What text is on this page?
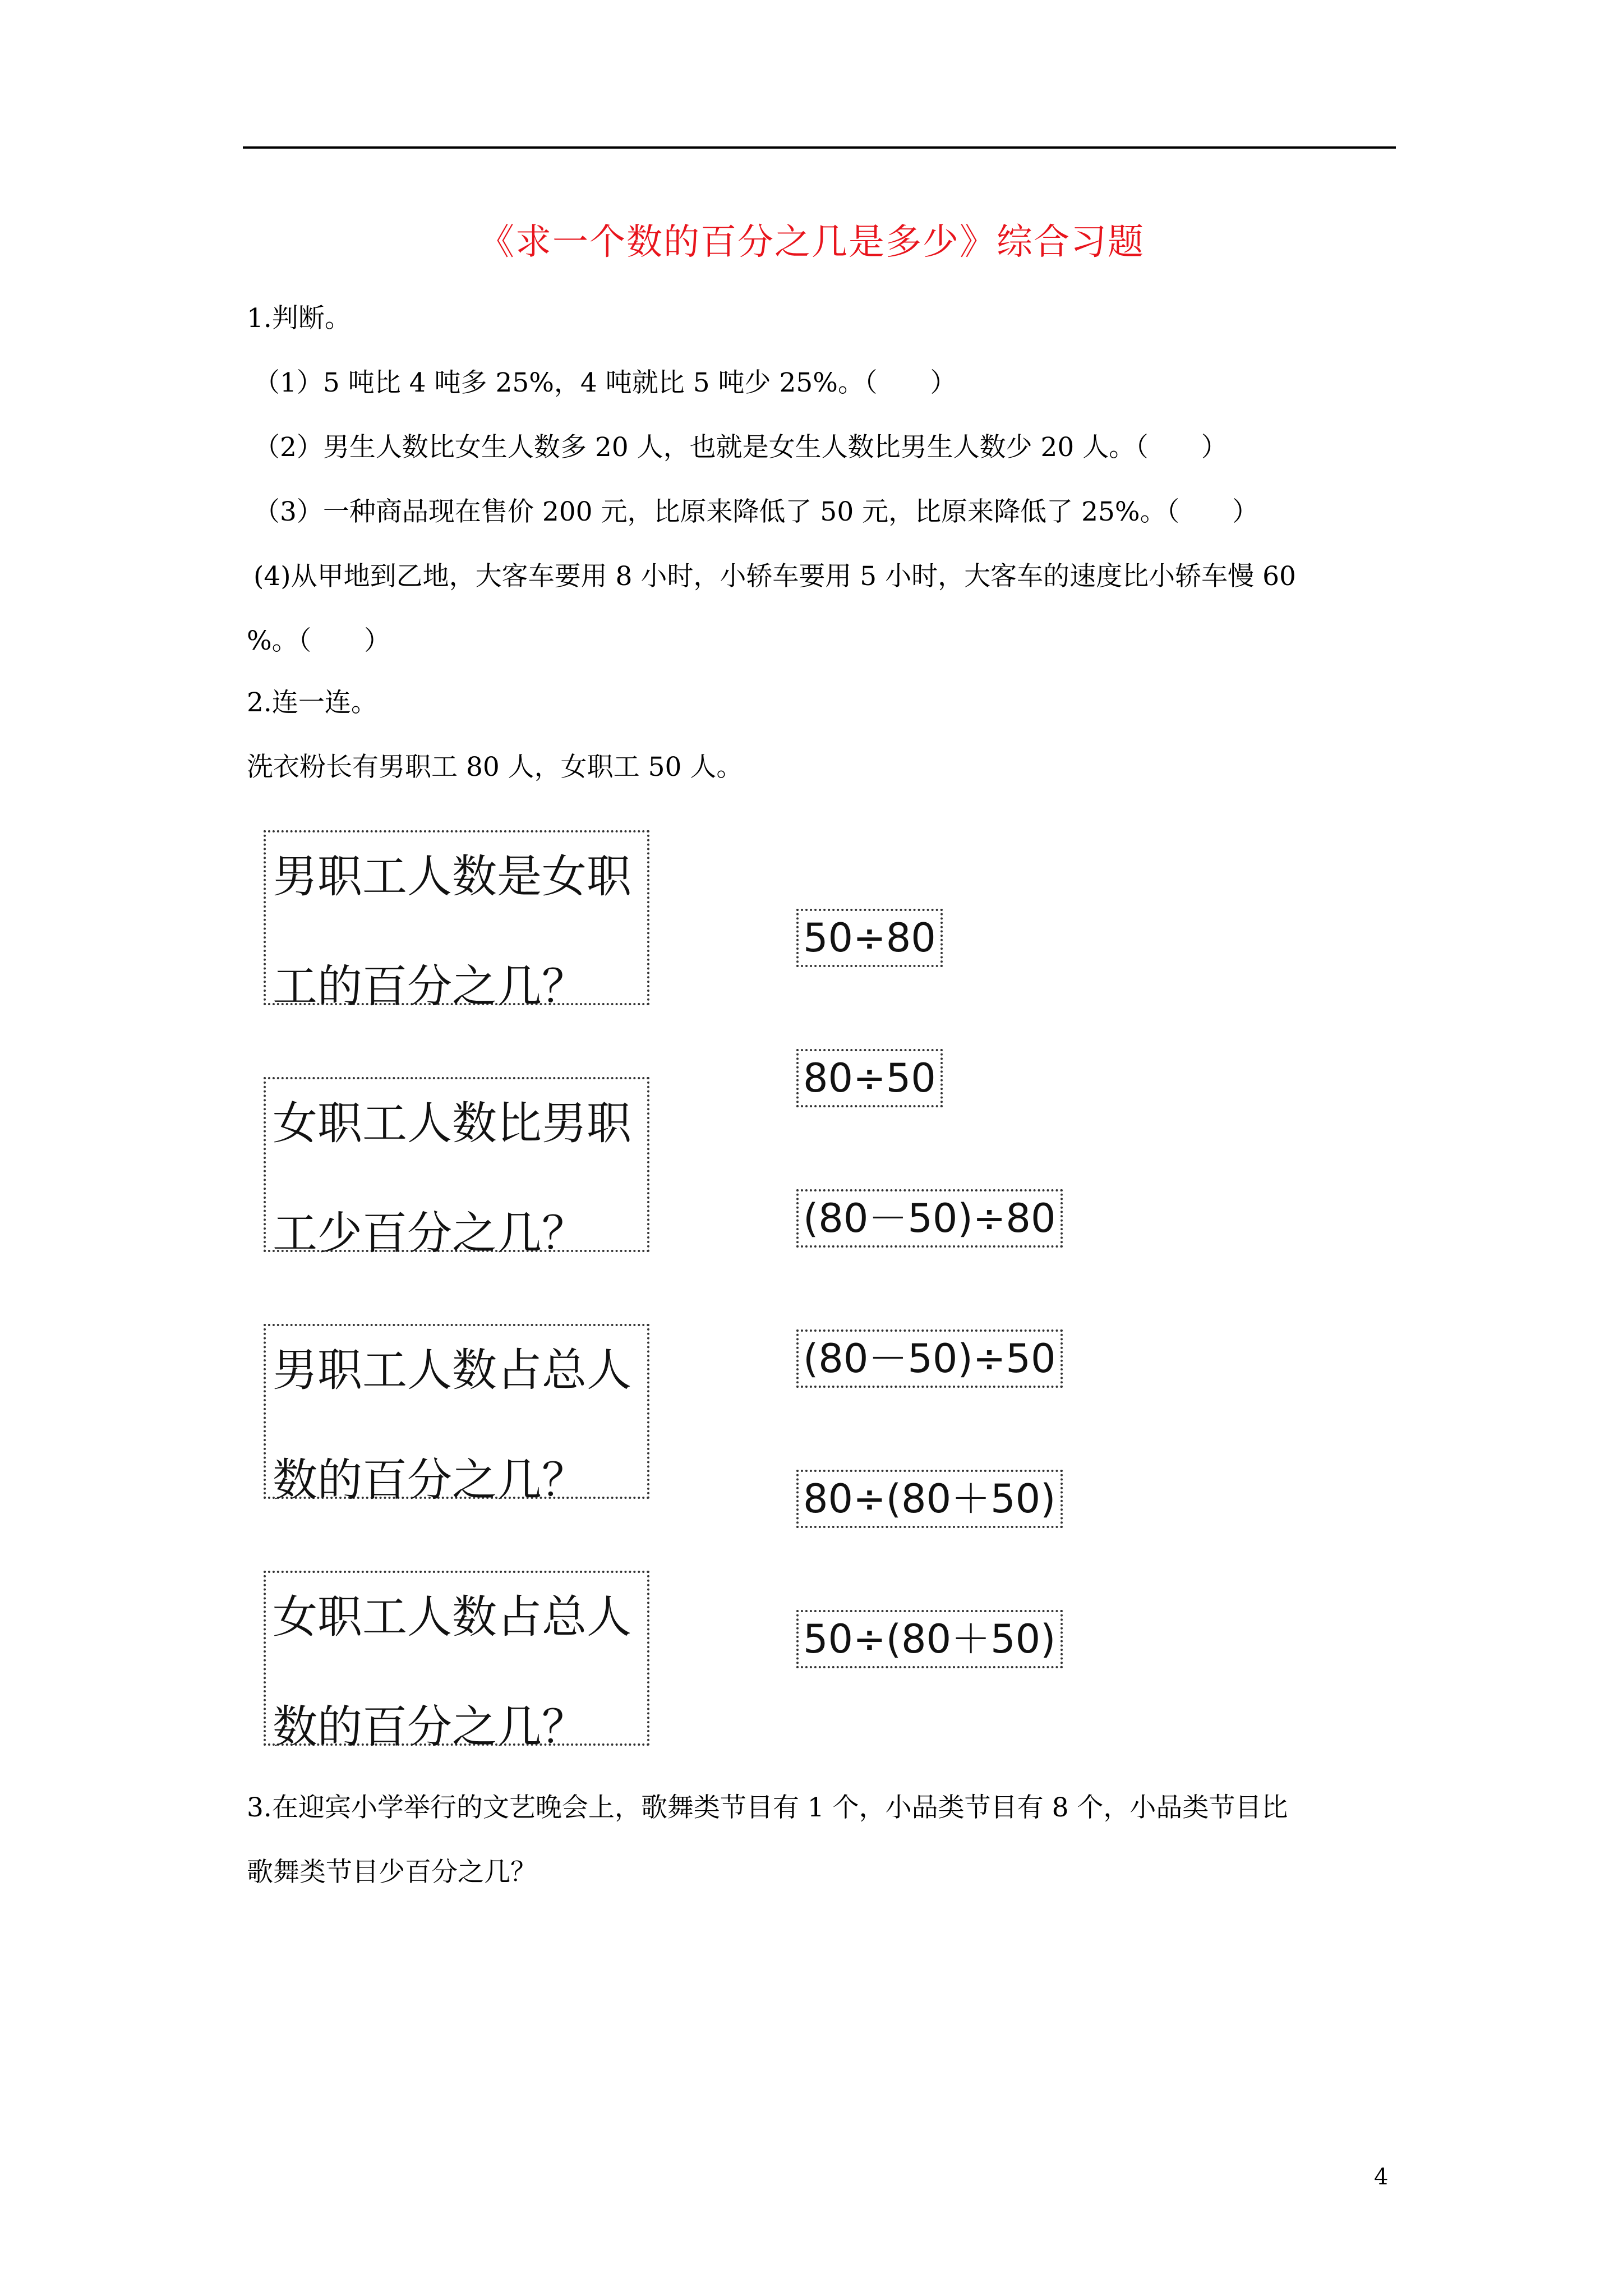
《求一个数的百分之几是多少》综合习题
1.判断。
（1）5 吨比 4 吨多 25%，4 吨就比 5 吨少 25%。（　　）
（2）男生人数比女生人数多 20 人，也就是女生人数比男生人数少 20 人。（　　）
（3）一种商品现在售价 200 元，比原来降低了 50 元，比原来降低了 25%。（　　）
(4)从甲地到乙地，大客车要用 8 小时，小轿车要用 5 小时，大客车的速度比小轿车慢 60
%。（　　）
2.连一连。
洗衣粉长有男职工 80 人，女职工 50 人。
男职工人数是女职
工的百分之几？
女职工人数比男职
工少百分之几？
男职工人数占总人
数的百分之几？
女职工人数占总人
数的百分之几？
50÷80
80÷50
(80－50)÷80
(80－50)÷50
80÷(80＋50)
50÷(80＋50)
3.在迎宾小学举行的文艺晚会上，歌舞类节目有 1 个，小品类节目有 8 个，小品类节目比
歌舞类节目少百分之几？
4
